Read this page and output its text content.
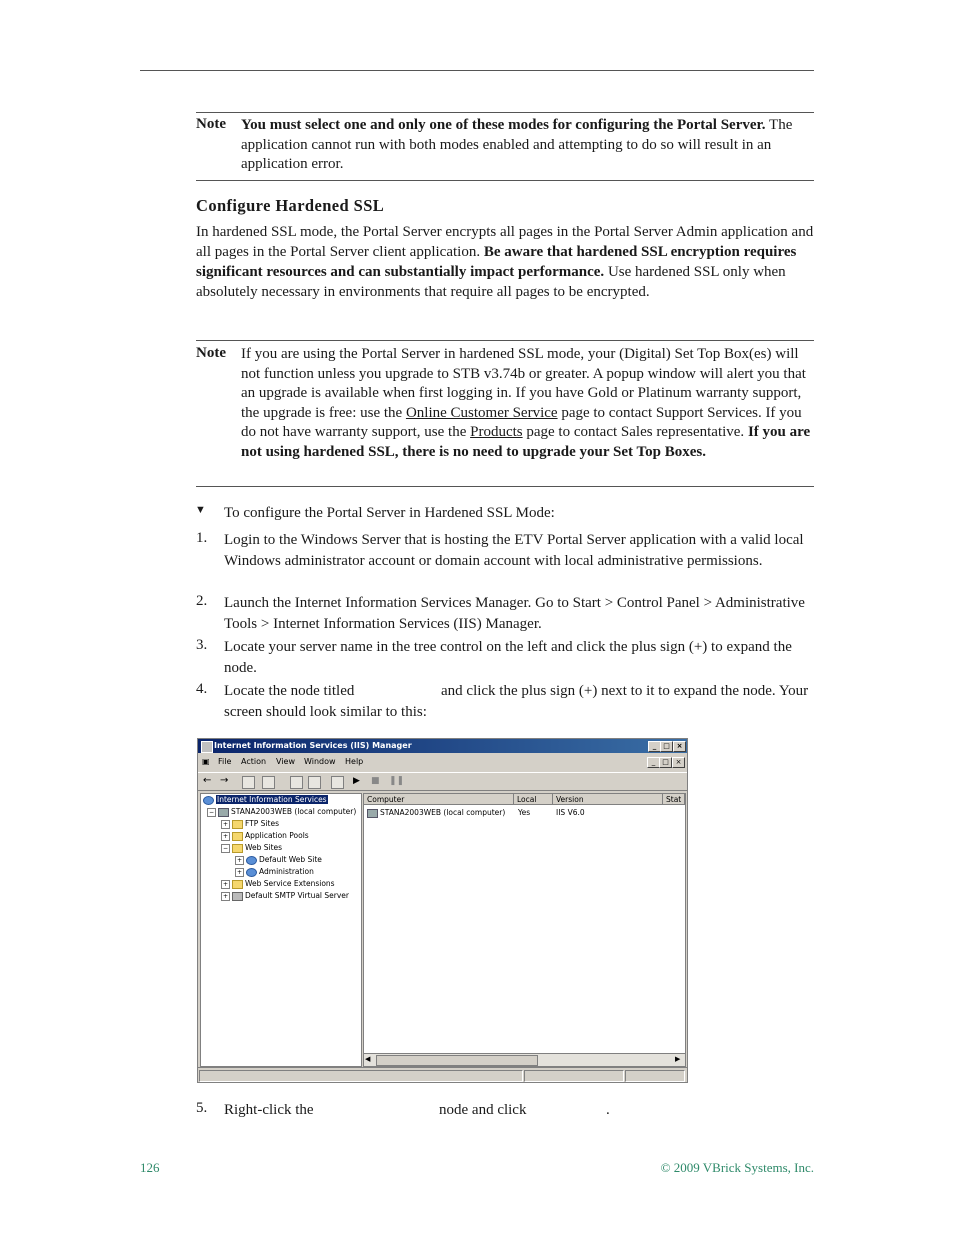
Note You must select one and only one of these modes for configuring the Portal Server. The application cannot run with both modes enabled and attempting to do so will result in an application error.
Configure Hardened SSL
In hardened SSL mode, the Portal Server encrypts all pages in the Portal Server Admin application and all pages in the Portal Server client application. Be aware that hardened SSL encryption requires significant resources and can substantially impact performance. Use hardened SSL only when absolutely necessary in environments that require all pages to be encrypted.
Note If you are using the Portal Server in hardened SSL mode, your (Digital) Set Top Box(es) will not function unless you upgrade to STB v3.74b or greater. A popup window will alert you that an upgrade is available when first logging in. If you have Gold or Platinum warranty support, the upgrade is free: use the Online Customer Service page to contact Support Services. If you do not have warranty support, use the Products page to contact Sales representative. If you are not using hardened SSL, there is no need to upgrade your Set Top Boxes.
▼ To configure the Portal Server in Hardened SSL Mode:
1. Login to the Windows Server that is hosting the ETV Portal Server application with a valid local Windows administrator account or domain account with local administrative permissions.
2. Launch the Internet Information Services Manager. Go to Start > Control Panel > Administrative Tools > Internet Information Services (IIS) Manager.
3. Locate your server name in the tree control on the left and click the plus sign (+) to expand the node.
4. Locate the node titled	and click the plus sign (+) next to it to expand the node. Your screen should look similar to this:
Internet Information Services (IIS) Manager	_ □ ×
▣ File Action View Window Help	_ □ ×
← →	▶ ■ ❚❚
Internet Information Services
− STANA2003WEB (local computer)
+ FTP Sites
+ Application Pools
− Web Sites
+ Default Web Site
+ Administration
+ Web Service Extensions
+ Default SMTP Virtual Server
Computer	Local	Version	Stat
STANA2003WEB (local computer) Yes	IIS V6.0
◀	▶
5. Right-click the	node and click	.
126	© 2009 VBrick Systems, Inc.
